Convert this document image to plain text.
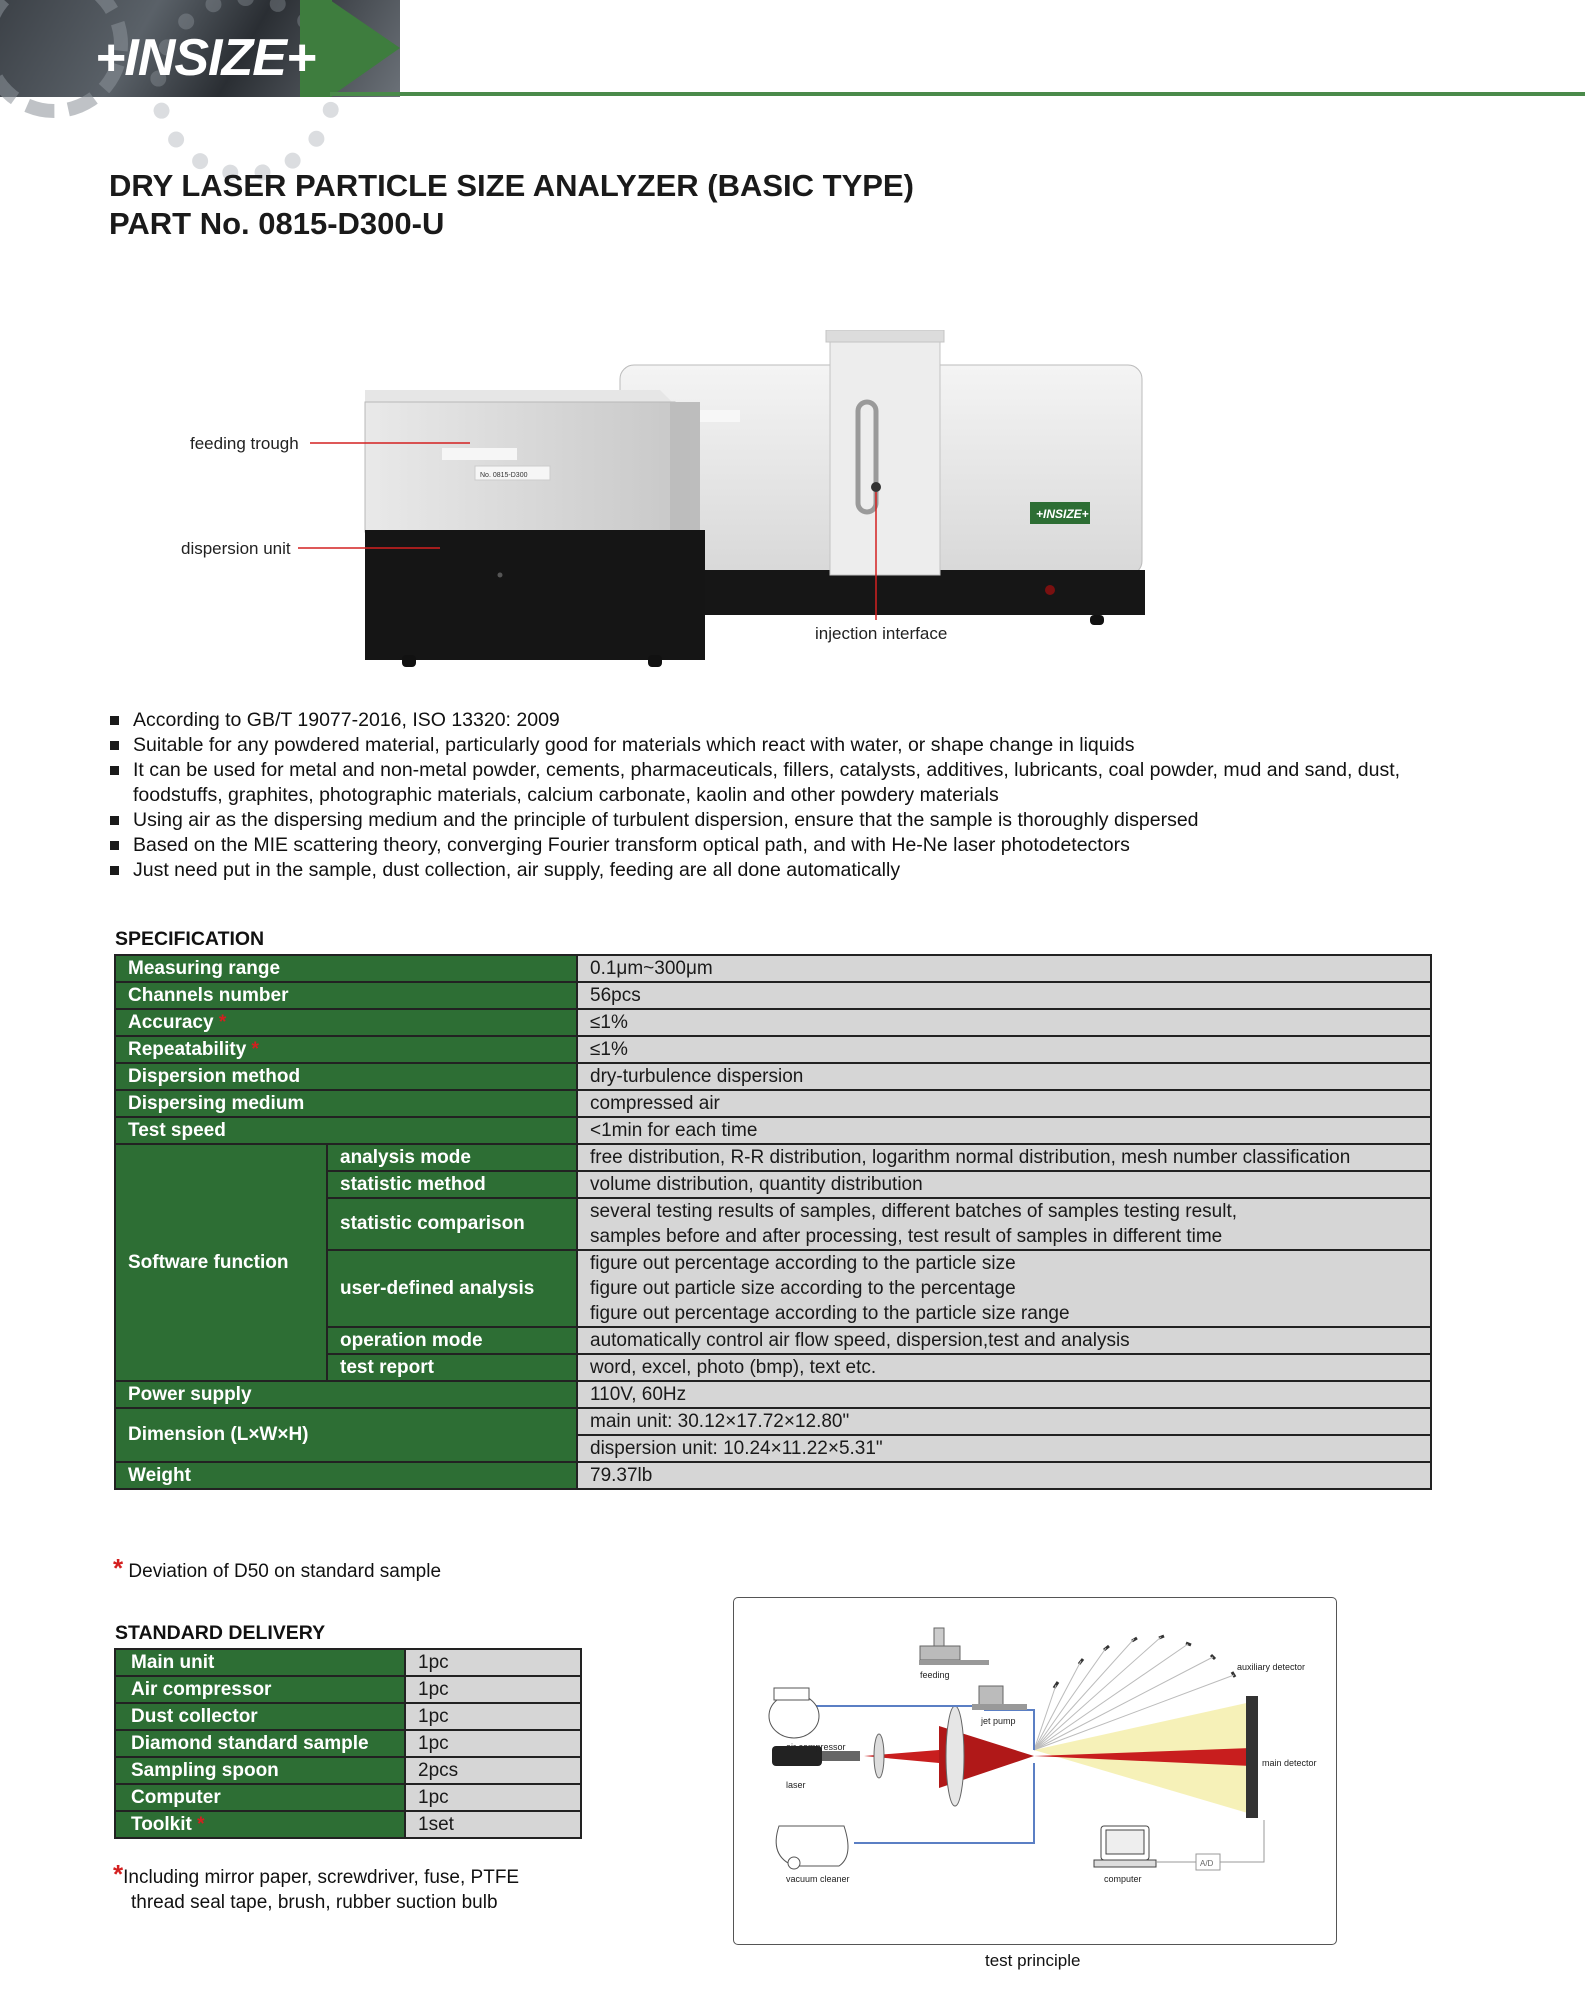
+INSIZE+
DRY LASER PARTICLE SIZE ANALYZER (BASIC TYPE)
PART No. 0815-D300-U
+INSIZE+
No. 0815-D300
feeding trough
dispersion unit
injection interface
According to GB/T 19077-2016, ISO 13320: 2009
Suitable for any powdered material, particularly good for materials which react with water, or shape change in liquids
It can be used for metal and non-metal powder, cements, pharmaceuticals, fillers, catalysts, additives, lubricants, coal powder, mud and sand, dust, foodstuffs, graphites, photographic materials, calcium carbonate, kaolin and other powdery materials
Using air as the dispersing medium and the principle of turbulent dispersion, ensure that the sample is thoroughly dispersed
Based on the MIE scattering theory, converging Fourier transform optical path, and with He-Ne laser photodetectors
Just need put in the sample, dust collection, air supply, feeding are all done automatically
SPECIFICATION
Measuring range		0.1μm~300μm
Channels number		56pcs
Accuracy *		≤1%
Repeatability *		≤1%
Dispersion method		dry-turbulence dispersion
Dispersing medium		compressed air
Test speed		<1min for each time
Software function	analysis mode	free distribution, R-R distribution, logarithm normal distribution, mesh number classification
	statistic method	volume distribution, quantity distribution
	statistic comparison	several testing results of samples, different batches of samples testing result,
		samples before and after processing, test result of samples in different time
	user-defined analysis	figure out percentage according to the particle size
		figure out particle size according to the percentage
		figure out percentage according to the particle size range
	operation mode	automatically control air flow speed, dispersion,test and analysis
	test report	word, excel, photo (bmp), text etc.
Power supply		110V, 60Hz
Dimension (L×W×H)		main unit: 30.12×17.72×12.80"
		dispersion unit: 10.24×11.22×5.31"
Weight		79.37lb
* Deviation of D50 on standard sample
STANDARD DELIVERY
Main unit	1pc
Air compressor	1pc
Dust collector	1pc
Diamond standard sample	1pc
Sampling spoon	2pcs
Computer	1pc
Toolkit *	1set
*Including mirror paper, screwdriver, fuse, PTFE
thread seal tape, brush, rubber suction bulb
A/D
feeding
jet pump
air compressor
laser
vacuum cleaner	computer
auxiliary detector
main detector
test principle
